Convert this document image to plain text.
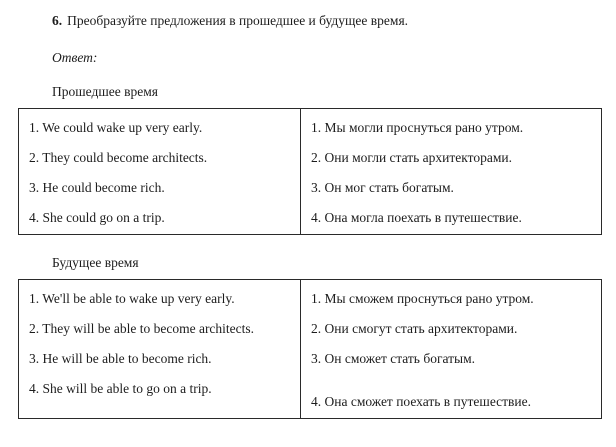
6. Преобразуйте предложения в прошедшее и будущее время.

Ответ:

Прошедшее время

1. We could wake up very early.

2. They could become architects.

3. He could become rich.

4. She could go on a trip.

1. Мы могли проснуться рано утром.

2. Они могли стать архитекторами.

3. Он мог стать богатым.

4. Она могла поехать в путешествие.

Будущее время

1. We'll be able to wake up very early.

2. They will be able to become architects.

3. He will be able to become rich.

4. She will be able to go on a trip.

1. Мы сможем проснуться рано утром.

2. Они смогут стать архитекторами.

3. Он сможет стать богатым.

4. Она сможет поехать в путешествие.
